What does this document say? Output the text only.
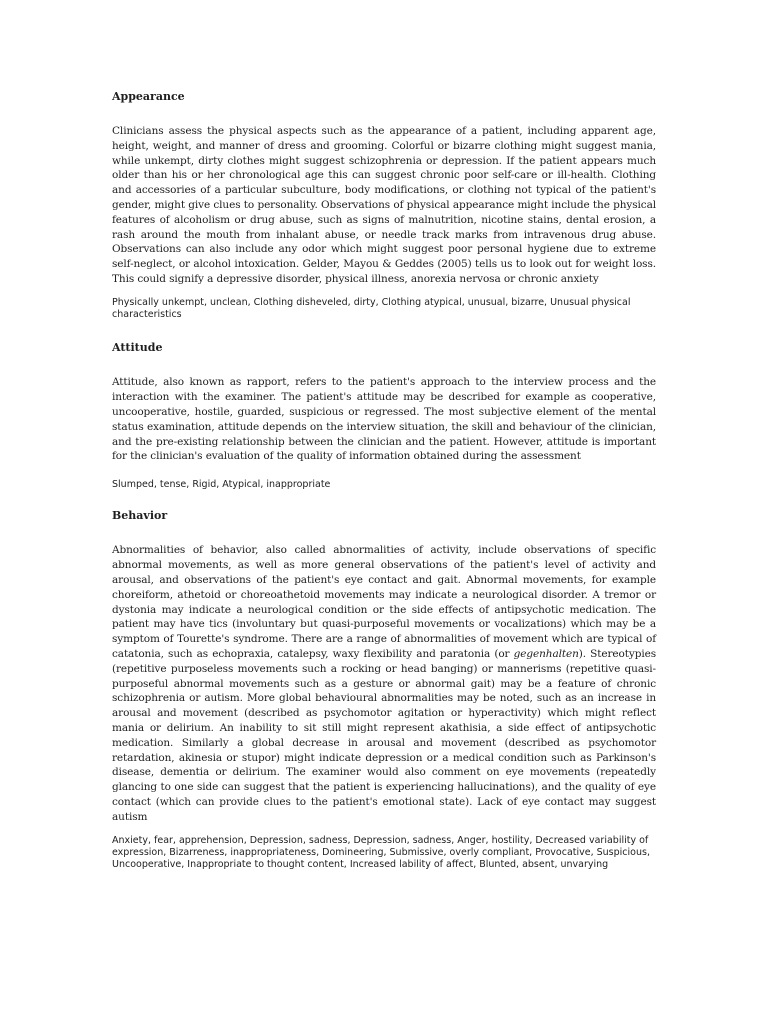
Appearance

Clinicians assess the physical aspects such as the appearance of a patient, including apparent age, height, weight, and manner of dress and grooming. Colorful or bizarre clothing might suggest mania, while unkempt, dirty clothes might suggest schizophrenia or depression. If the patient appears much older than his or her chronological age this can suggest chronic poor self-care or ill-health. Clothing and accessories of a particular subculture, body modifications, or clothing not typical of the patient's gender, might give clues to personality. Observations of physical appearance might include the physical features of alcoholism or drug abuse, such as signs of malnutrition, nicotine stains, dental erosion, a rash around the mouth from inhalant abuse, or needle track marks from intravenous drug abuse. Observations can also include any odor which might suggest poor personal hygiene due to extreme self-neglect, or alcohol intoxication. Gelder, Mayou & Geddes (2005) tells us to look out for weight loss. This could signify a depressive disorder, physical illness, anorexia nervosa or chronic anxiety

Physically unkempt, unclean, Clothing disheveled, dirty, Clothing atypical, unusual, bizarre, Unusual physical characteristics

Attitude

Attitude, also known as rapport, refers to the patient's approach to the interview process and the interaction with the examiner. The patient's attitude may be described for example as cooperative, uncooperative, hostile, guarded, suspicious or regressed. The most subjective element of the mental status examination, attitude depends on the interview situation, the skill and behaviour of the clinician, and the pre-existing relationship between the clinician and the patient. However, attitude is important for the clinician's evaluation of the quality of information obtained during the assessment

Slumped, tense, Rigid, Atypical, inappropriate

Behavior

Abnormalities of behavior, also called abnormalities of activity, include observations of specific abnormal movements, as well as more general observations of the patient's level of activity and arousal, and observations of the patient's eye contact and gait. Abnormal movements, for example choreiform, athetoid or choreoathetoid movements may indicate a neurological disorder. A tremor or dystonia may indicate a neurological condition or the side effects of antipsychotic medication. The patient may have tics (involuntary but quasi-purposeful movements or vocalizations) which may be a symptom of Tourette's syndrome. There are a range of abnormalities of movement which are typical of catatonia, such as echopraxia, catalepsy, waxy flexibility and paratonia (or gegenhalten). Stereotypies (repetitive purposeless movements such a rocking or head banging) or mannerisms (repetitive quasi-purposeful abnormal movements such as a gesture or abnormal gait) may be a feature of chronic schizophrenia or autism. More global behavioural abnormalities may be noted, such as an increase in arousal and movement (described as psychomotor agitation or hyperactivity) which might reflect mania or delirium. An inability to sit still might represent akathisia, a side effect of antipsychotic medication. Similarly a global decrease in arousal and movement (described as psychomotor retardation, akinesia or stupor) might indicate depression or a medical condition such as Parkinson's disease, dementia or delirium. The examiner would also comment on eye movements (repeatedly glancing to one side can suggest that the patient is experiencing hallucinations), and the quality of eye contact (which can provide clues to the patient's emotional state). Lack of eye contact may suggest autism

Anxiety, fear, apprehension, Depression, sadness, Depression, sadness, Anger, hostility, Decreased variability of expression, Bizarreness, inappropriateness, Domineering, Submissive, overly compliant, Provocative, Suspicious, Uncooperative, Inappropriate to thought content, Increased lability of affect, Blunted, absent, unvarying
